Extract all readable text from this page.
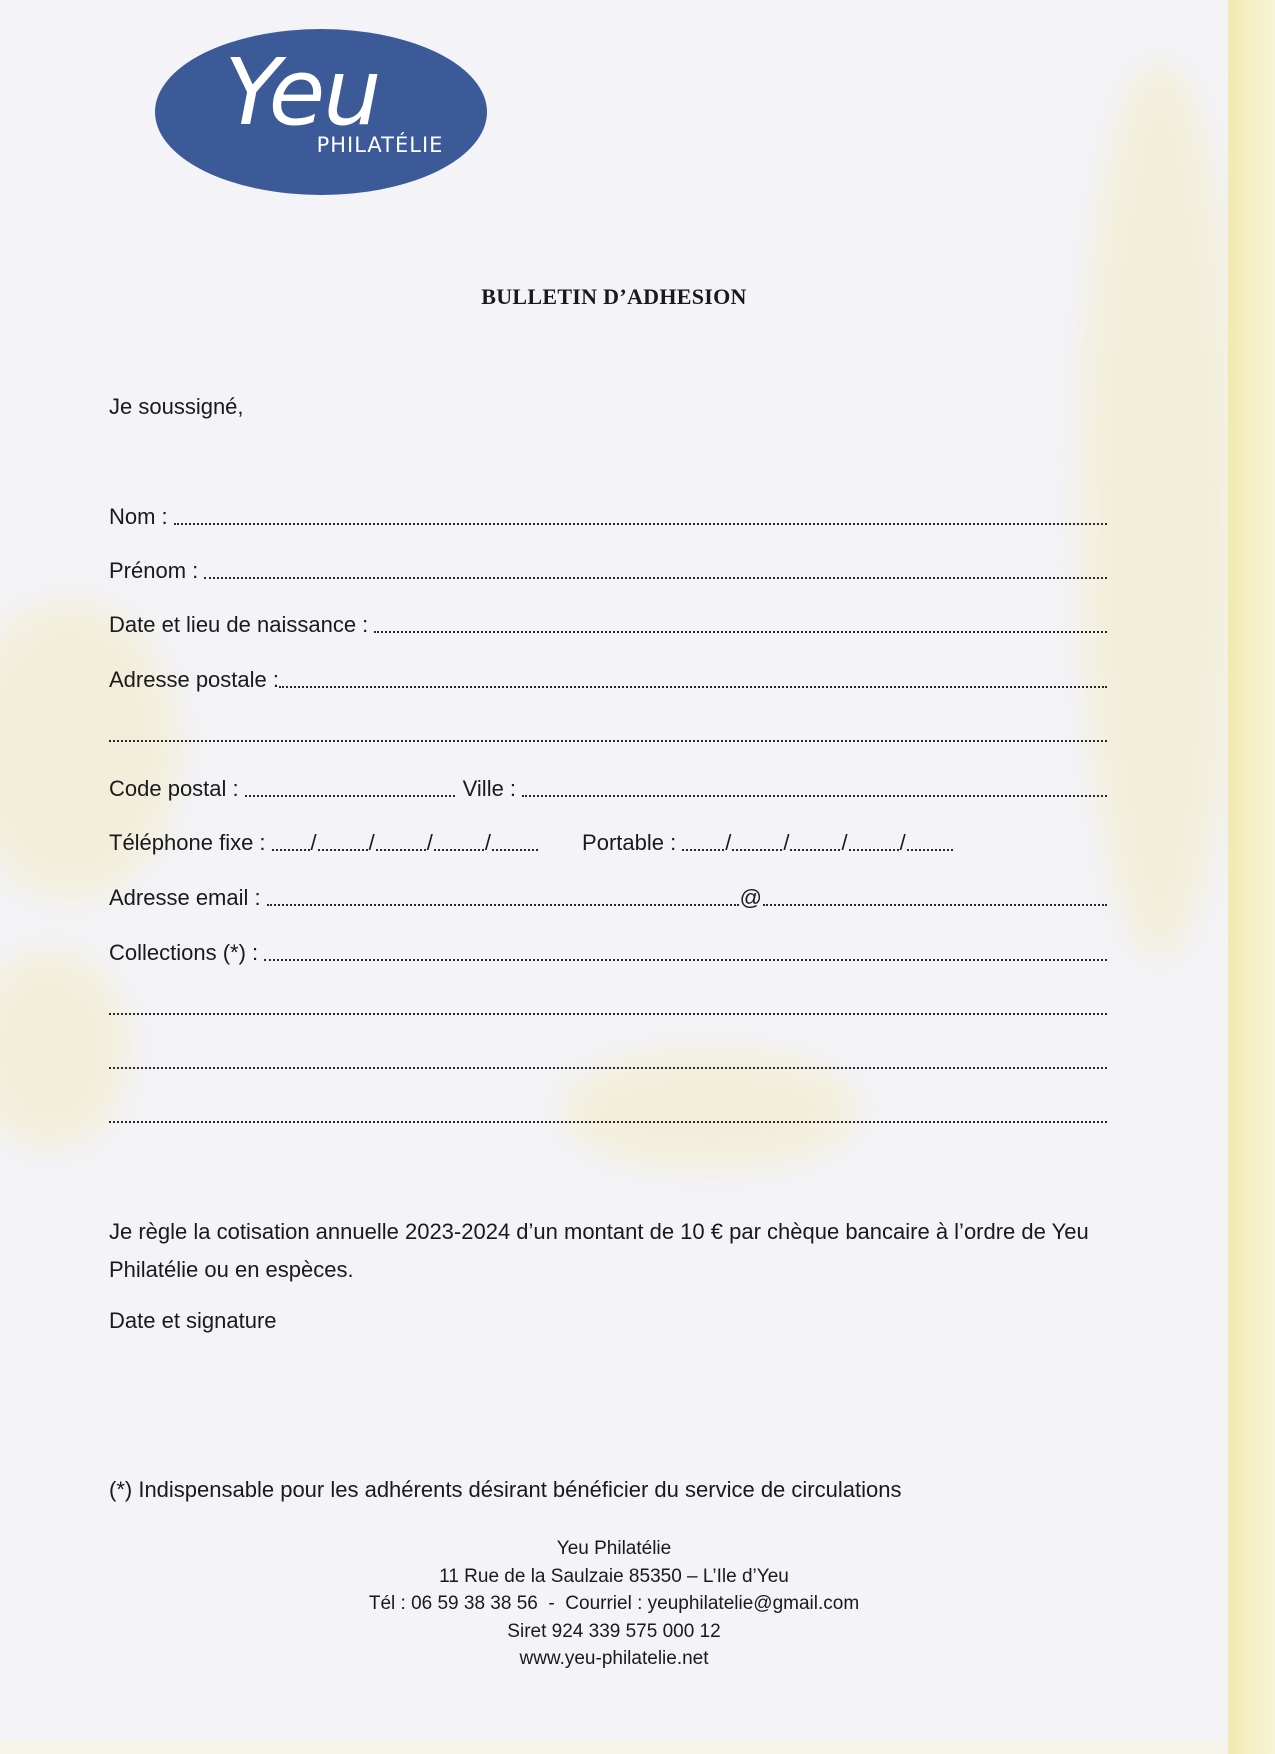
Yeu
PHILATÉLIE
BULLETIN D’ADHESION
Je soussigné,
Nom :
Prénom :
Date et lieu de naissance :
Adresse postale :
Code postal :	Ville :
Téléphone fixe : / / / /	Portable : / / / /
Adresse email :	@
Collections (*) :
Je règle la cotisation annuelle 2023-2024 d’un montant de 10 € par chèque bancaire à l’ordre de Yeu Philatélie ou en espèces.
Date et signature
(*) Indispensable pour les adhérents désirant bénéficier du service de circulations
Yeu Philatélie
11 Rue de la Saulzaie 85350 – L’Ile d’Yeu
Tél : 06 59 38 38 56  -  Courriel : yeuphilatelie@gmail.com
Siret 924 339 575 000 12
www.yeu-philatelie.net
